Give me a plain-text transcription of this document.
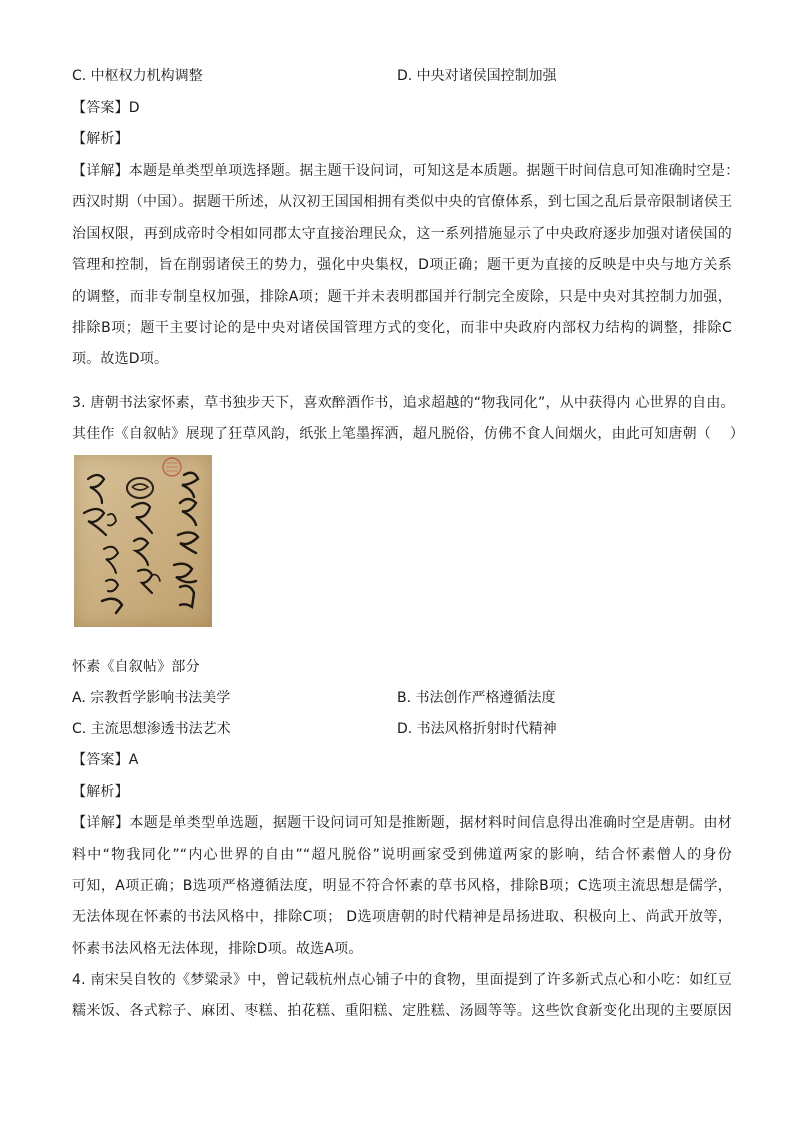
C. 中枢权力机构调整	D. 中央对诸侯国控制加强
【答案】D
【解析】
【详解】本题是单类型单项选择题。据主题干设问词，可知这是本质题。据题干时间信息可知准确时空是：
西汉时期（中国）。据题干所述，从汉初王国国相拥有类似中央的官僚体系，到七国之乱后景帝限制诸侯王
治国权限，再到成帝时令相如同郡太守直接治理民众，这一系列措施显示了中央政府逐步加强对诸侯国的
管理和控制，旨在削弱诸侯王的势力，强化中央集权，D项正确；题干更为直接的反映是中央与地方关系
的调整，而非专制皇权加强，排除A项；题干并未表明郡国并行制完全废除，只是中央对其控制力加强，
排除B项；题干主要讨论的是中央对诸侯国管理方式的变化，而非中央政府内部权力结构的调整，排除C
项。故选D项。
3. 唐朝书法家怀素，草书独步天下，喜欢醉酒作书，追求超越的“物我同化”，从中获得内 心世界的自由。
其佳作《自叙帖》展现了狂草风韵，纸张上笔墨挥洒，超凡脱俗，仿佛不食人间烟火，由此可知唐朝（　 ）
怀素《自叙帖》部分
A. 宗教哲学影响书法美学	B. 书法创作严格遵循法度
C. 主流思想渗透书法艺术	D. 书法风格折射时代精神
【答案】A
【解析】
【详解】本题是单类型单选题，据题干设问词可知是推断题，据材料时间信息得出准确时空是唐朝。由材
料中“物我同化”“内心世界的自由”“超凡脱俗”说明画家受到佛道两家的影响，结合怀素僧人的身份
可知，A项正确；B选项严格遵循法度，明显不符合怀素的草书风格，排除B项；C选项主流思想是儒学，
无法体现在怀素的书法风格中，排除C项； D选项唐朝的时代精神是昂扬进取、积极向上、尚武开放等，
怀素书法风格无法体现，排除D项。故选A项。
4. 南宋吴自牧的《梦粱录》中，曾记载杭州点心铺子中的食物，里面提到了许多新式点心和小吃：如红豆
糯米饭、各式粽子、麻团、枣糕、拍花糕、重阳糕、定胜糕、汤圆等等。这些饮食新变化出现的主要原因
